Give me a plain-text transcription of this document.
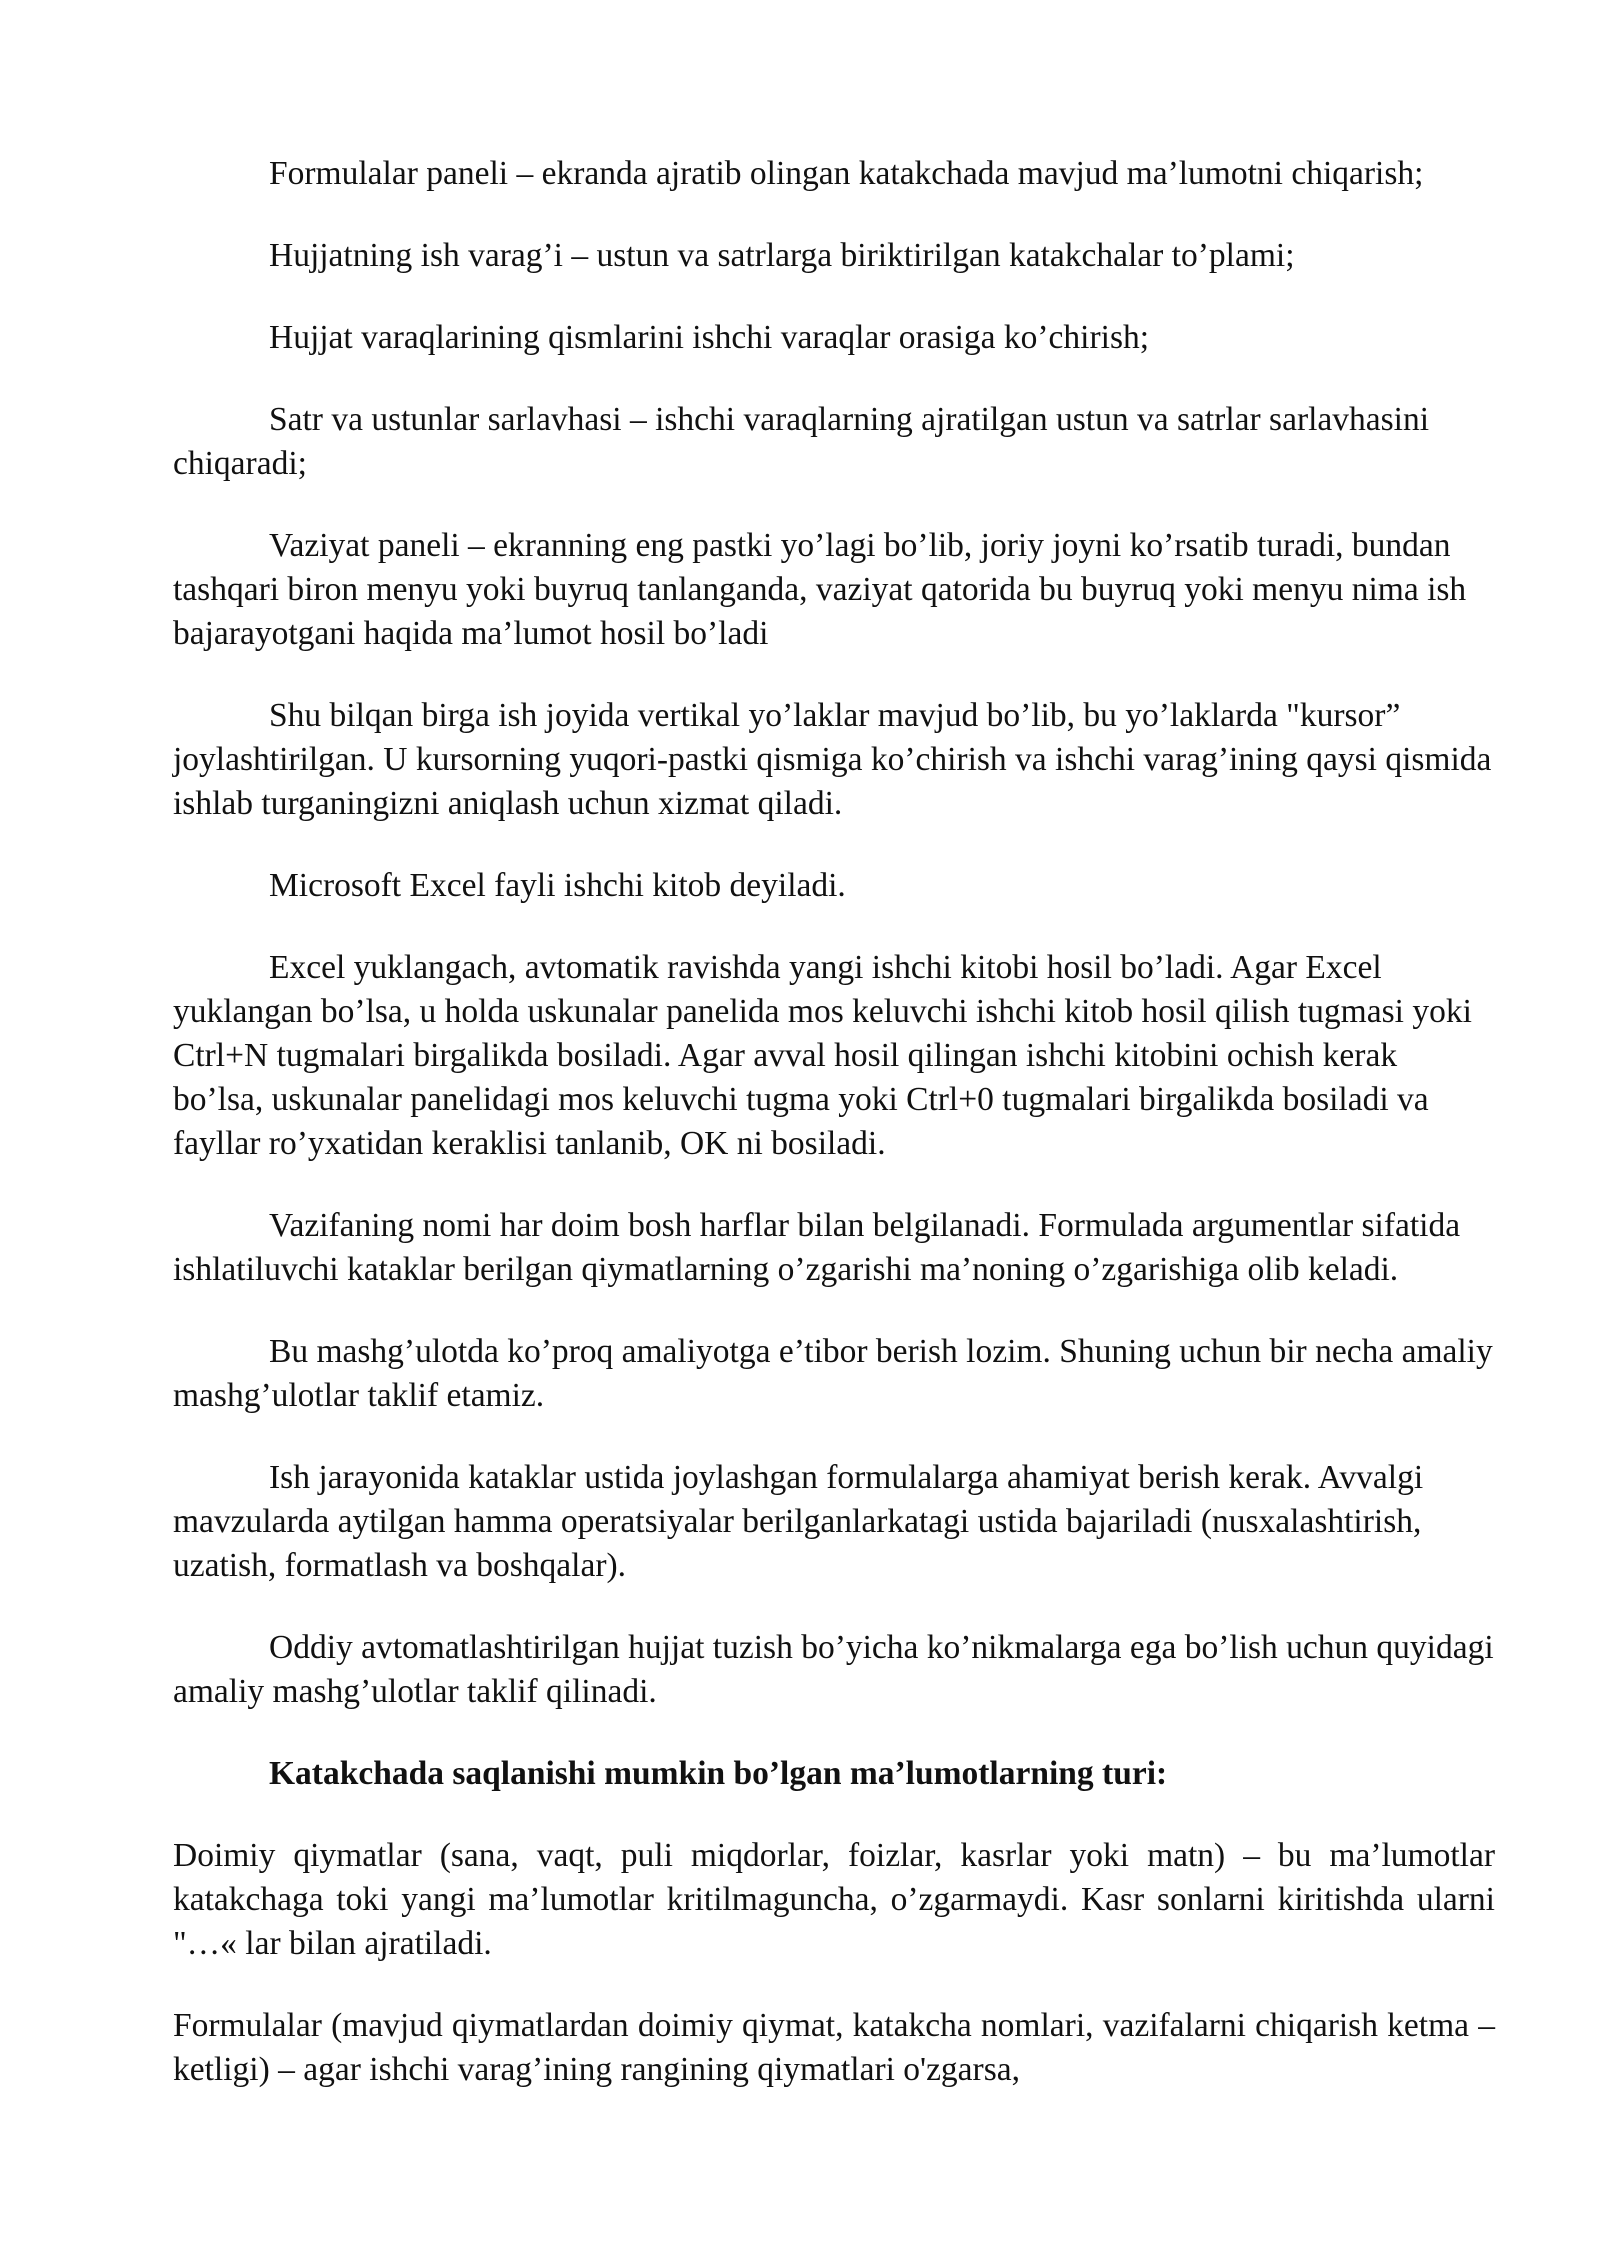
Formulalar paneli – ekranda ajratib olingan katakchada mavjud ma’lumotni chiqarish;

Hujjatning ish varag’i – ustun va satrlarga biriktirilgan katakchalar to’plami;

Hujjat varaqlarining qismlarini ishchi varaqlar orasiga ko’chirish;

Satr va ustunlar sarlavhasi – ishchi varaqlarning ajratilgan ustun va satrlar sarlavhasini chiqaradi;

Vaziyat paneli – ekranning eng pastki yo’lagi bo’lib, joriy joyni ko’rsatib turadi, bundan tashqari biron menyu yoki buyruq tanlanganda, vaziyat qatorida bu buyruq yoki menyu nima ish bajarayotgani haqida ma’lumot hosil bo’ladi

Shu bilqan birga ish joyida vertikal yo’laklar mavjud bo’lib, bu yo’laklarda "kursor” joylashtirilgan. U kursorning yuqori-pastki qismiga ko’chirish va ishchi varag’ining qaysi qismida ishlab turganingizni aniqlash uchun xizmat qiladi.

Microsoft Excel fayli ishchi kitob deyiladi.

Excel yuklangach, avtomatik ravishda yangi ishchi kitobi hosil bo’ladi. Agar Excel yuklangan bo’lsa, u holda uskunalar panelida mos keluvchi ishchi kitob hosil qilish tugmasi yoki Ctrl+N tugmalari birgalikda bosiladi. Agar avval hosil qilingan ishchi kitobini ochish kerak bo’lsa, uskunalar panelidagi mos keluvchi tugma yoki Ctrl+0 tugmalari birgalikda bosiladi va fayllar ro’yxatidan keraklisi tanlanib, OK ni bosiladi.

Vazifaning nomi har doim bosh harflar bilan belgilanadi. Formulada argumentlar sifatida ishlatiluvchi kataklar berilgan qiymatlarning o’zgarishi ma’noning o’zgarishiga olib keladi.

Bu mashg’ulotda ko’proq amaliyotga e’tibor berish lozim. Shuning uchun bir necha amaliy mashg’ulotlar taklif etamiz.

Ish jarayonida kataklar ustida joylashgan formulalarga ahamiyat berish kerak. Avvalgi mavzularda aytilgan hamma operatsiyalar berilganlarkatagi ustida bajariladi (nusxalashtirish, uzatish, formatlash va boshqalar).

Oddiy avtomatlashtirilgan hujjat tuzish bo’yicha ko’nikmalarga ega bo’lish uchun quyidagi amaliy mashg’ulotlar taklif qilinadi.

Katakchada saqlanishi mumkin bo’lgan ma’lumotlarning turi:

Doimiy qiymatlar (sana, vaqt, puli miqdorlar, foizlar, kasrlar yoki matn) – bu ma’lumotlar katakchaga toki yangi ma’lumotlar kritilmaguncha, o’zgarmaydi. Kasr sonlarni kiritishda ularni "…« lar bilan ajratiladi.

Formulalar (mavjud qiymatlardan doimiy qiymat, katakcha nomlari, vazifalarni chiqarish ketma – ketligi) – agar ishchi varag’ining rangining qiymatlari o'zgarsa,
